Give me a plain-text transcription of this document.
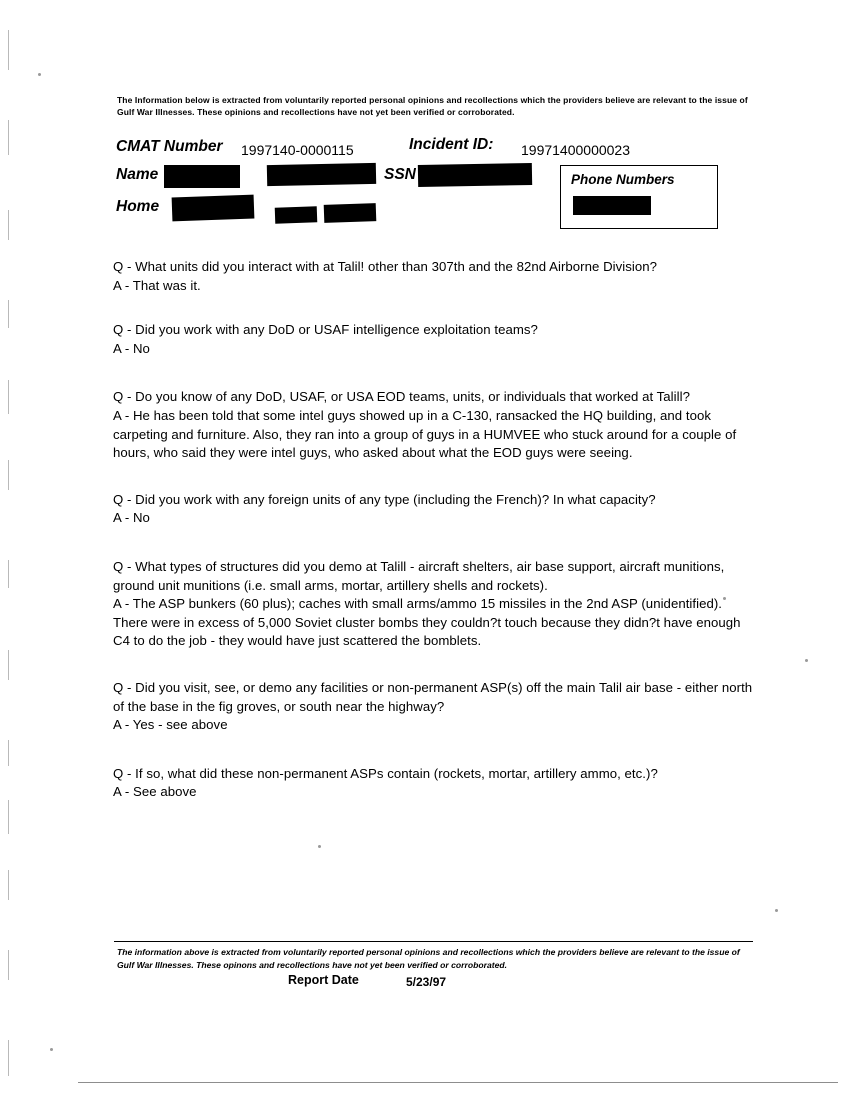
The Information below is extracted from voluntarily reported personal opinions and recollections which the providers believe are relevant to the issue of Gulf War Illnesses. These opinions and recollections have not yet been verified or corroborated.
CMAT Number 1997140-0000115	Incident ID: 19971400000023
Name	SSN
Home
Phone Numbers
Q - What units did you interact with at Talil! other than 307th and the 82nd Airborne Division?
A - That was it.
Q - Did you work with any DoD or USAF intelligence exploitation teams?
A - No
Q - Do you know of any DoD, USAF, or USA EOD teams, units, or individuals that worked at Talill?
A - He has been told that some intel guys showed up in a C-130, ransacked the HQ building, and took carpeting and furniture. Also, they ran into a group of guys in a HUMVEE who stuck around for a couple of hours, who said they were intel guys, who asked about what the EOD guys were seeing.
Q - Did you work with any foreign units of any type (including the French)? In what capacity?
A - No
Q - What types of structures did you demo at Talill - aircraft shelters, air base support, aircraft munitions, ground unit munitions (i.e. small arms, mortar, artillery shells and rockets).
A - The ASP bunkers (60 plus); caches with small arms/ammo 15 missiles in the 2nd ASP (unidentified). There were in excess of 5,000 Soviet cluster bombs they couldn?t touch because they didn?t have enough C4 to do the job - they would have just scattered the bomblets.
Q - Did you visit, see, or demo any facilities or non-permanent ASP(s) off the main Talil air base - either north of the base in the fig groves, or south near the highway?
A - Yes - see above
Q - If so, what did these non-permanent ASPs contain (rockets, mortar, artillery ammo, etc.)?
A - See above
The information above is extracted from voluntarily reported personal opinions and recollections which the providers believe are relevant to the issue of Gulf War Illnesses. These opinons and recollections have not yet been verified or corroborated.
Report Date	5/23/97
